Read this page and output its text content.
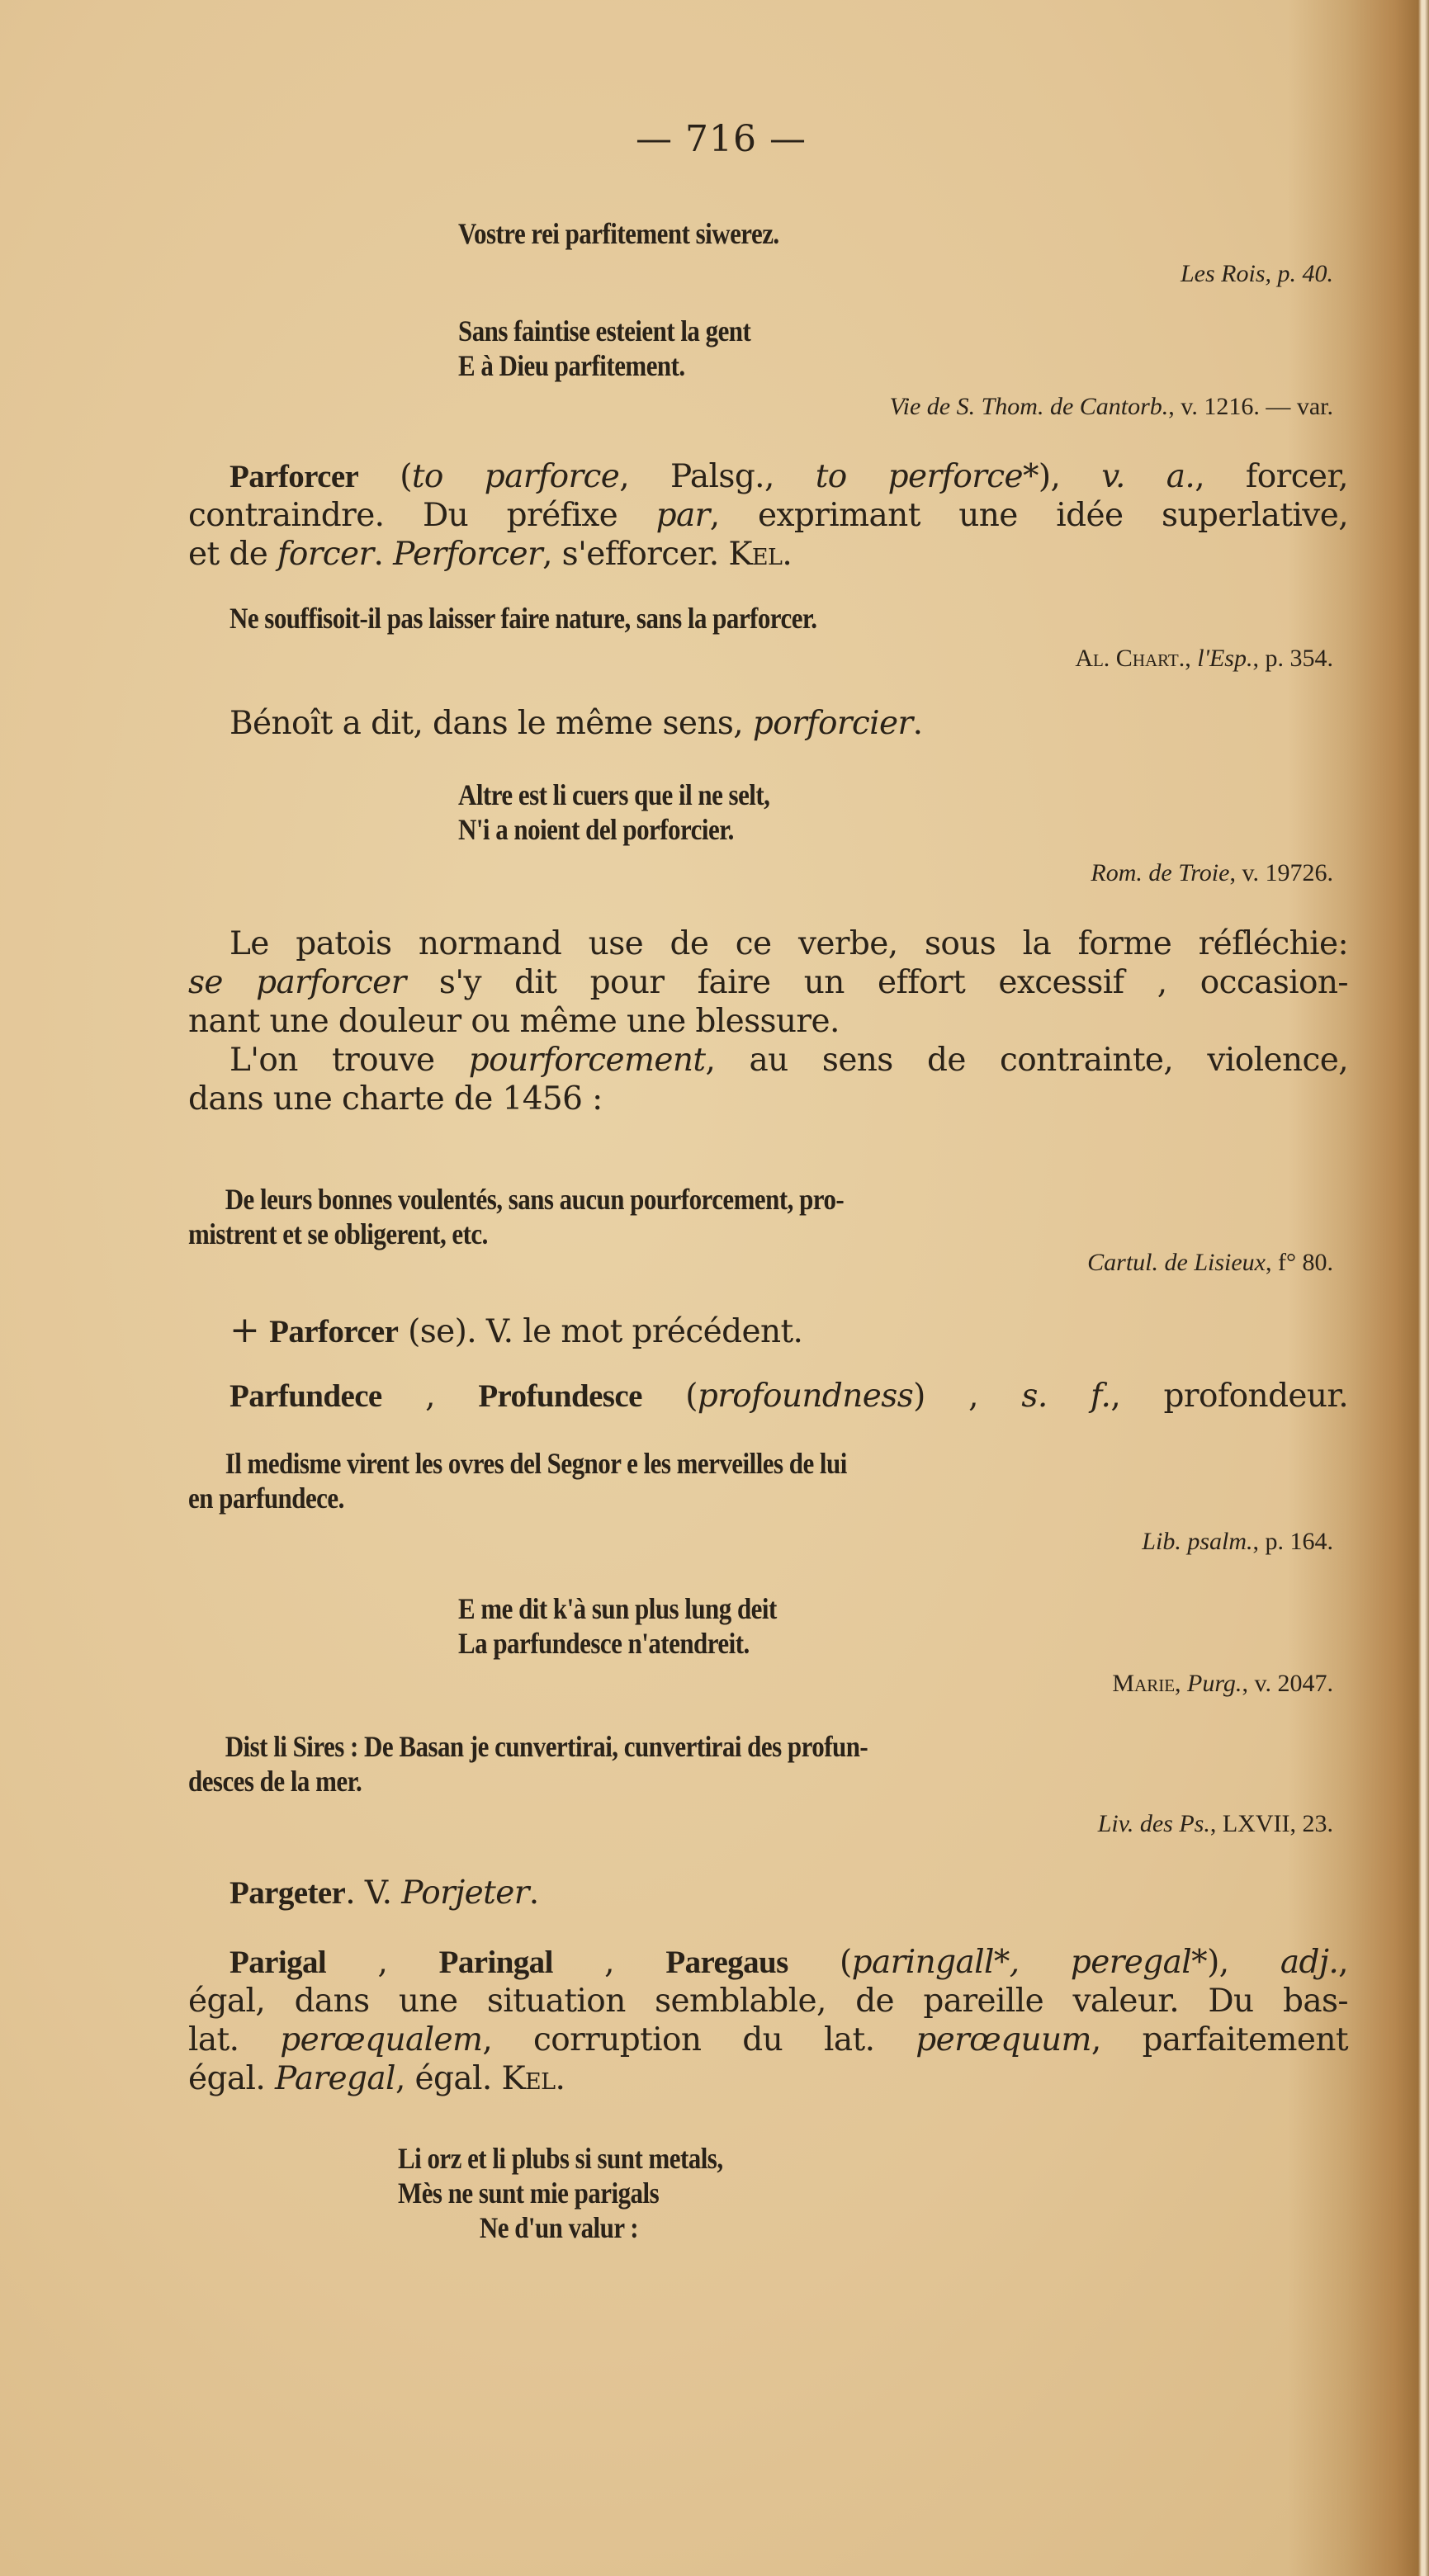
— 716 —
Vostre rei parfitement siwerez.
Les Rois, p. 40.
Sans faintise esteient la gent
E à Dieu parfitement.
Vie de S. Thom. de Cantorb., v. 1216. — var.
Parforcer (to parforce, Palsg., to perforce*), v. a., forcer,
contraindre. Du préfixe par, exprimant une idée superlative,
et de forcer. Perforcer, s'efforcer. Kel.
Ne souffisoit-il pas laisser faire nature, sans la parforcer.
Al. Chart., l'Esp., p. 354.
Bénoît a dit, dans le même sens, porforcier.
Altre est li cuers que il ne selt,
N'i a noient del porforcier.
Rom. de Troie, v. 19726.
Le patois normand use de ce verbe, sous la forme réfléchie:
se parforcer s'y dit pour faire un effort excessif , occasion-
nant une douleur ou même une blessure.
L'on trouve pourforcement, au sens de contrainte, violence,
dans une charte de 1456 :
De leurs bonnes voulentés, sans aucun pourforcement, pro-
mistrent et se obligerent, etc.
Cartul. de Lisieux, f° 80.
+ Parforcer (se). V. le mot précédent.
Parfundece , Profundesce (profoundness) , s. f., profondeur.
Il medisme virent les ovres del Segnor e les merveilles de lui
en parfundece.
Lib. psalm., p. 164.
E me dit k'à sun plus lung deit
La parfundesce n'atendreit.
Marie, Purg., v. 2047.
Dist li Sires : De Basan je cunvertirai, cunvertirai des profun-
desces de la mer.
Liv. des Ps., LXVII, 23.
Pargeter. V. Porjeter.
Parigal , Paringal , Paregaus (paringall*, peregal*), adj.,
égal, dans une situation semblable, de pareille valeur. Du bas-
lat. perœqualem, corruption du lat. perœquum, parfaitement
égal. Paregal, égal. Kel.
Li orz et li plubs si sunt metals,
Mès ne sunt mie parigals
Ne d'un valur :
